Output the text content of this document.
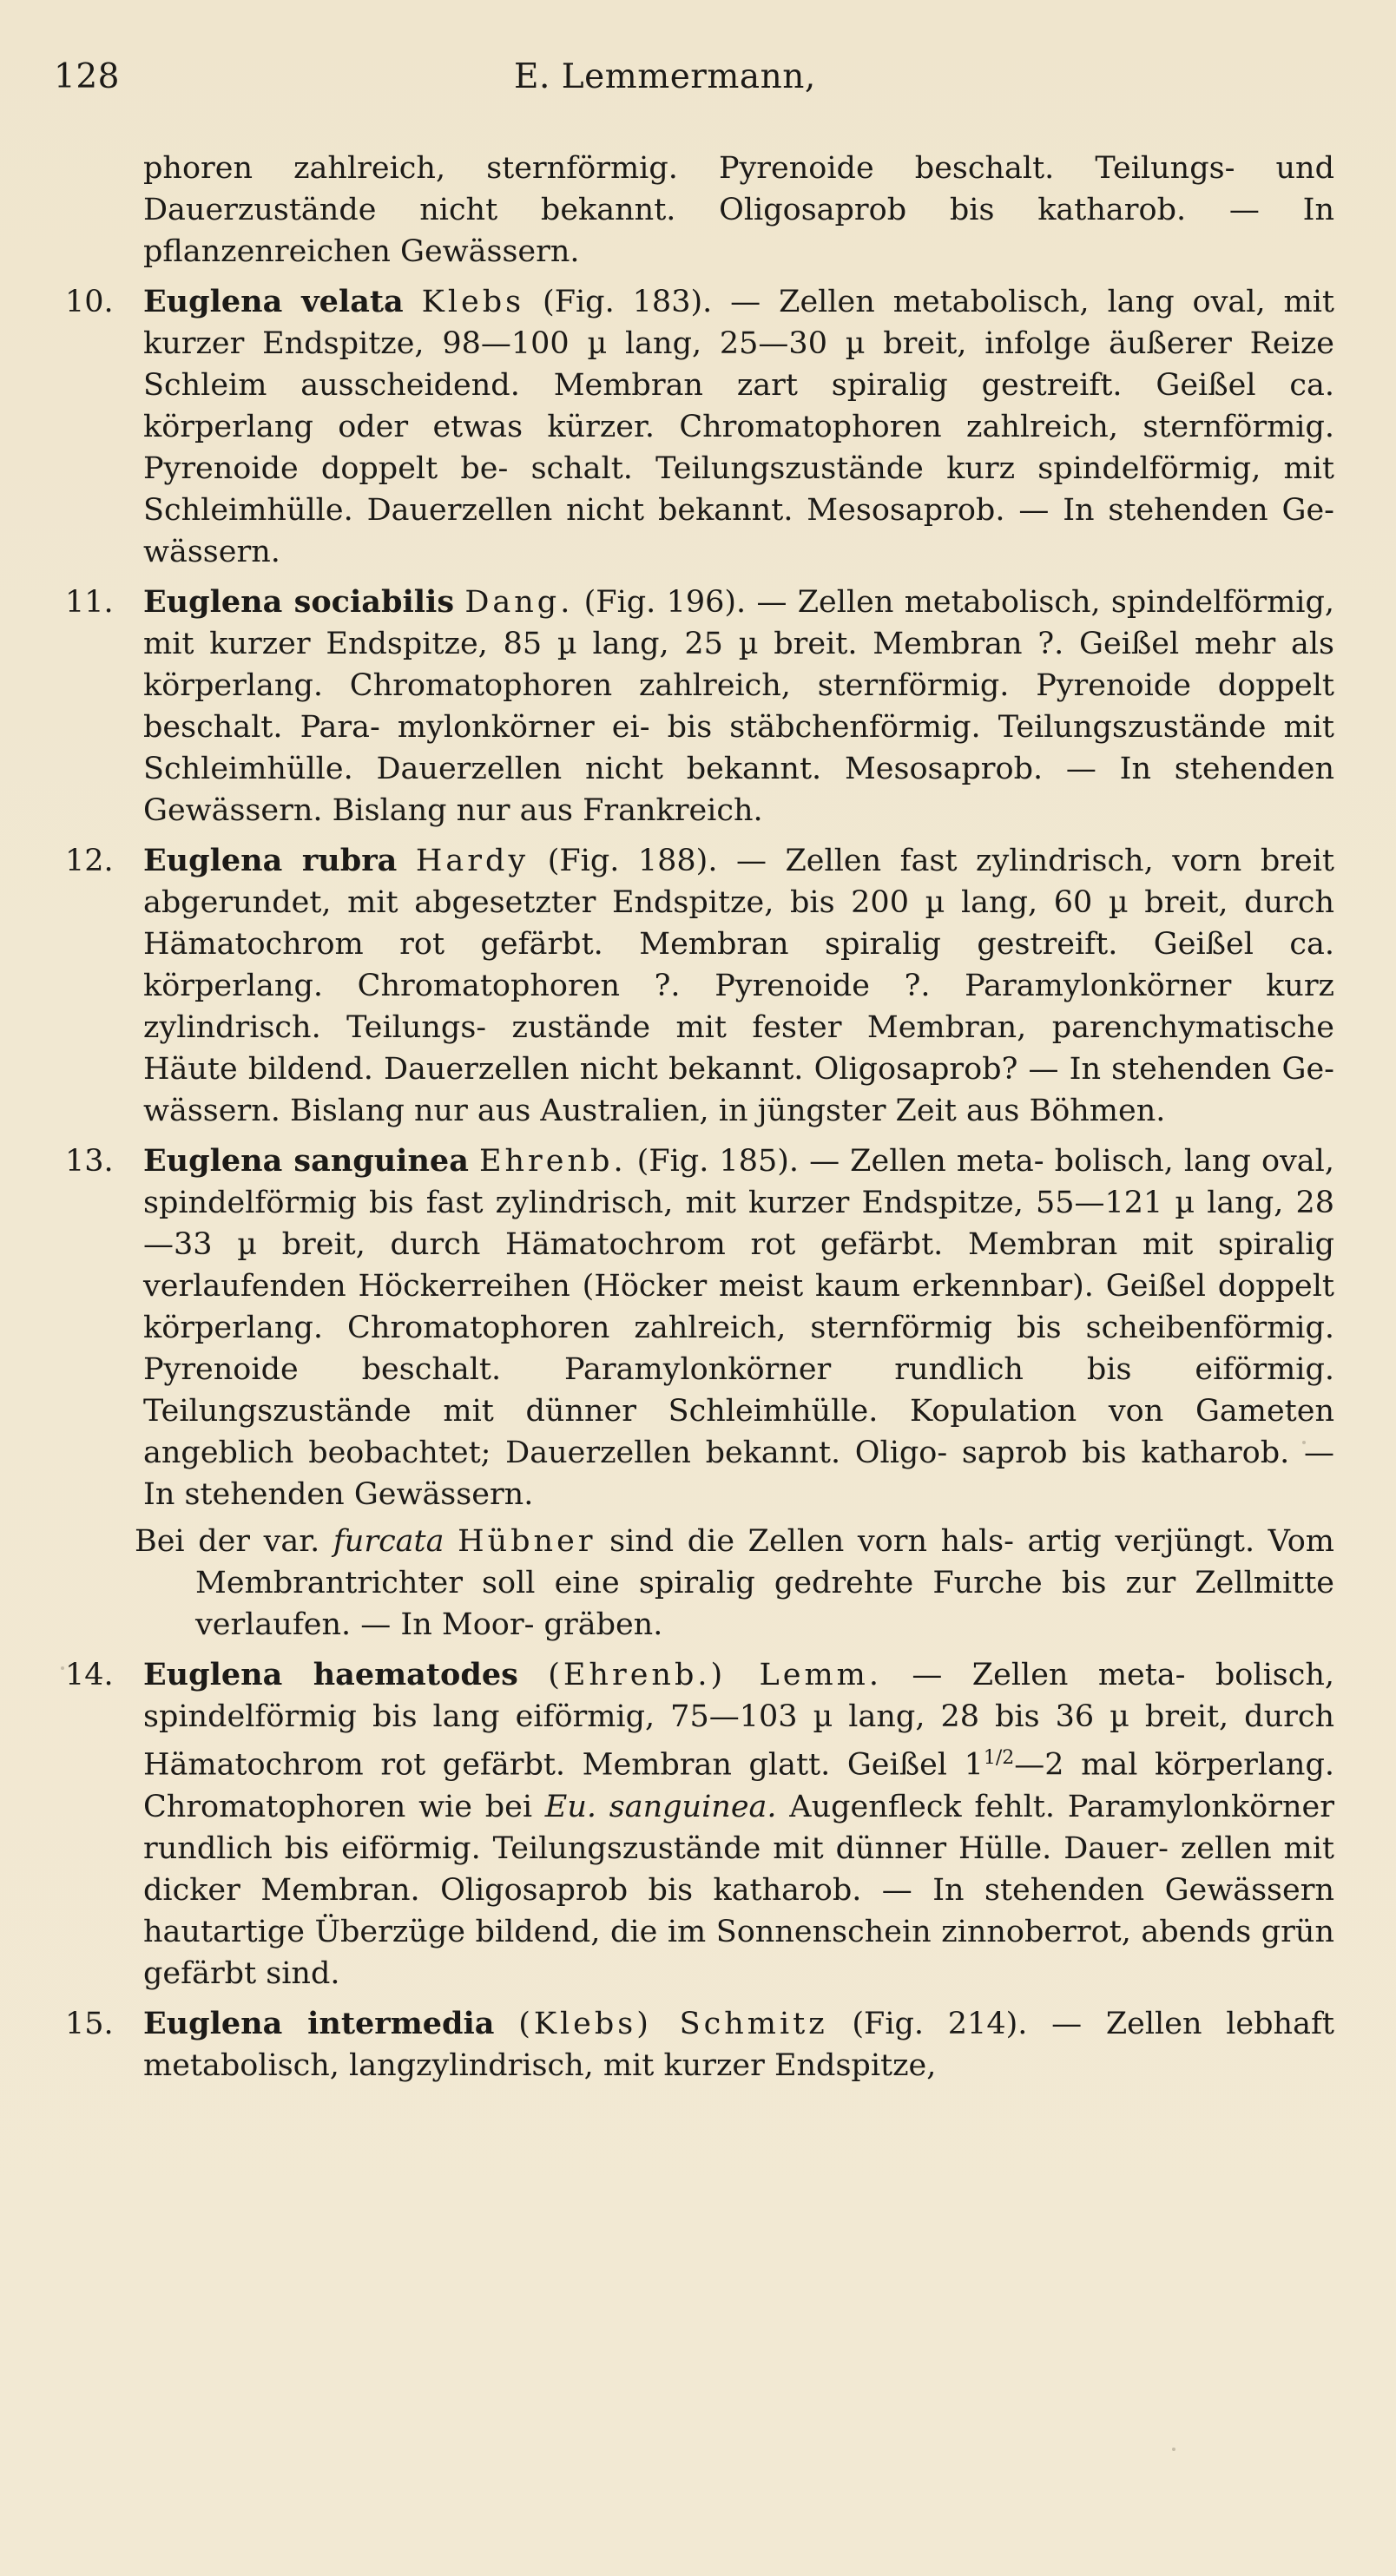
128	E. Lemmermann,
phoren zahlreich, sternförmig. Pyrenoide beschalt. Teilungs- und Dauerzustände nicht bekannt. Oligosaprob bis katharob. — In pflanzenreichen Gewässern.
10. Euglena velata Klebs (Fig. 183). — Zellen metabolisch, lang oval, mit kurzer Endspitze, 98—100 µ lang, 25—30 µ breit, infolge äußerer Reize Schleim ausscheidend. Membran zart spiralig gestreift. Geißel ca. körperlang oder etwas kürzer. Chromatophoren zahlreich, sternförmig. Pyrenoide doppelt be- schalt. Teilungszustände kurz spindelförmig, mit Schleimhülle. Dauerzellen nicht bekannt. Mesosaprob. — In stehenden Ge- wässern.
11. Euglena sociabilis Dang. (Fig. 196). — Zellen metabolisch, spindelförmig, mit kurzer Endspitze, 85 µ lang, 25 µ breit. Membran ?. Geißel mehr als körperlang. Chromatophoren zahlreich, sternförmig. Pyrenoide doppelt beschalt. Para- mylonkörner ei- bis stäbchenförmig. Teilungszustände mit Schleimhülle. Dauerzellen nicht bekannt. Mesosaprob. — In stehenden Gewässern. Bislang nur aus Frankreich.
12. Euglena rubra Hardy (Fig. 188). — Zellen fast zylindrisch, vorn breit abgerundet, mit abgesetzter Endspitze, bis 200 µ lang, 60 µ breit, durch Hämatochrom rot gefärbt. Membran spiralig gestreift. Geißel ca. körperlang. Chromatophoren ?. Pyrenoide ?. Paramylonkörner kurz zylindrisch. Teilungs- zustände mit fester Membran, parenchymatische Häute bildend. Dauerzellen nicht bekannt. Oligosaprob? — In stehenden Ge- wässern. Bislang nur aus Australien, in jüngster Zeit aus Böhmen.
13. Euglena sanguinea Ehrenb. (Fig. 185). — Zellen meta- bolisch, lang oval, spindelförmig bis fast zylindrisch, mit kurzer Endspitze, 55—121 µ lang, 28—33 µ breit, durch Hämatochrom rot gefärbt. Membran mit spiralig verlaufenden Höckerreihen (Höcker meist kaum erkennbar). Geißel doppelt körperlang. Chromatophoren zahlreich, sternförmig bis scheibenförmig. Pyrenoide beschalt. Paramylonkörner rundlich bis eiförmig. Teilungszustände mit dünner Schleimhülle. Kopulation von Gameten angeblich beobachtet; Dauerzellen bekannt. Oligo- saprob bis katharob. — In stehenden Gewässern.
Bei der var. furcata Hübner sind die Zellen vorn hals- artig verjüngt. Vom Membrantrichter soll eine spiralig gedrehte Furche bis zur Zellmitte verlaufen. — In Moor- gräben.
14. Euglena haematodes (Ehrenb.) Lemm. — Zellen meta- bolisch, spindelförmig bis lang eiförmig, 75—103 µ lang, 28 bis 36 µ breit, durch Hämatochrom rot gefärbt. Membran glatt. Geißel $1^{1/2}—2$ mal körperlang. Chromatophoren wie bei Eu. sanguinea. Augenfleck fehlt. Paramylonkörner rundlich bis eiförmig. Teilungszustände mit dünner Hülle. Dauer- zellen mit dicker Membran. Oligosaprob bis katharob. — In stehenden Gewässern hautartige Überzüge bildend, die im Sonnenschein zinnoberrot, abends grün gefärbt sind.
15. Euglena intermedia (Klebs) Schmitz (Fig. 214). — Zellen lebhaft metabolisch, langzylindrisch, mit kurzer Endspitze,
